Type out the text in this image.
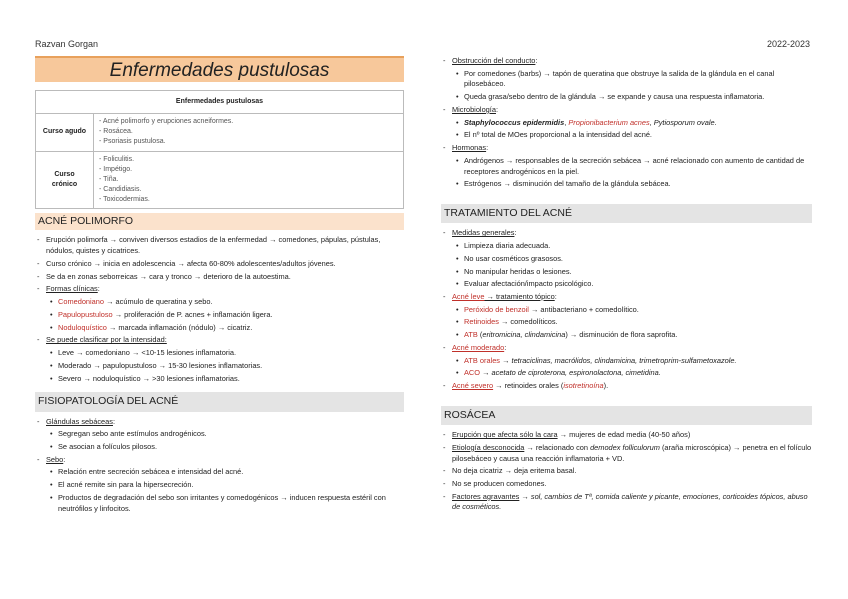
Razvan Gorgan	2022-2023
Enfermedades pustulosas
Enfermedades pustulosas	
Curso agudo	- Acné polimorfo y erupciones acneiformes.
- Rosácea.
- Psoriasis pustulosa.

Curso crónico	- Foliculitis.
- Impétigo.
- Tiña.
- Candidiasis.
- Toxicodermias.
ACNÉ POLIMORFO
- Erupción polimorfa → conviven diversos estadios de la enfermedad → comedones, pápulas, pústulas, nódulos, quistes y cicatrices.
- Curso crónico → inicia en adolescencia → afecta 60-80% adolescentes/adultos jóvenes.
- Se da en zonas seborreicas → cara y tronco → deterioro de la autoestima.
- Formas clínicas:
• Comedoniano → acúmulo de queratina y sebo.
• Papulopustuloso → proliferación de P. acnes + inflamación ligera.
• Noduloquístico → marcada inflamación (nódulo) → cicatriz.
- Se puede clasificar por la intensidad:
• Leve → comedoniano → <10-15 lesiones inflamatoria.
• Moderado → papulopustuloso → 15-30 lesiones inflamatorias.
• Severo → noduloquístico → >30 lesiones inflamatorias.
FISIOPATOLOGÍA DEL ACNÉ
- Glándulas sebáceas:
• Segregan sebo ante estímulos androgénicos.
• Se asocian a folículos pilosos.
- Sebo:
• Relación entre secreción sebácea e intensidad del acné.
• El acné remite sin para la hipersecreción.
• Productos de degradación del sebo son irritantes y comedogénicos → inducen respuesta estéril con neutrófilos y linfocitos.
- Obstrucción del conducto:
• Por comedones (barbs) → tapón de queratina que obstruye la salida de la glándula en el canal pilosebáceo.
• Queda grasa/sebo dentro de la glándula → se expande y causa una respuesta inflamatoria.
- Microbiología:
• Staphylococcus epidermidis, Propionibacterium acnes, Pytiosporum ovale.
• El nº total de MOes proporcional a la intensidad del acné.
- Hormonas:
• Andrógenos → responsables de la secreción sebácea → acné relacionado con aumento de cantidad de receptores androgénicos en la piel.
• Estrógenos → disminución del tamaño de la glándula sebácea.
TRATAMIENTO DEL ACNÉ
- Medidas generales:
• Limpieza diaria adecuada.
• No usar cosméticos grasosos.
• No manipular heridas o lesiones.
• Evaluar afectación/impacto psicológico.
- Acné leve → tratamiento tópico:
• Peróxido de benzoil → antibacteriano + comedolítico.
• Retinoides → comedolíticos.
• ATB (eritromicina, clindamicina) → disminución de flora saprofita.
- Acné moderado:
• ATB orales → tetraciclinas, macrólidos, clindamicina, trimetroprim-sulfametoxazole.
• ACO → acetato de ciproterona, espironolactona, cimetidina.
- Acné severo → retinoides orales (isotretinoína).
ROSÁCEA
- Erupción que afecta sólo la cara → mujeres de edad media (40-50 años)
- Etiología desconocida → relacionado con demodex folliculorum (araña microscópica) → penetra en el folículo pilosebáceo y causa una reacción inflamatoria + VD.
- No deja cicatriz → deja eritema basal.
- No se producen comedones.
- Factores agravantes → sol, cambios de Tª, comida caliente y picante, emociones, corticoides tópicos, abuso de cosméticos.
